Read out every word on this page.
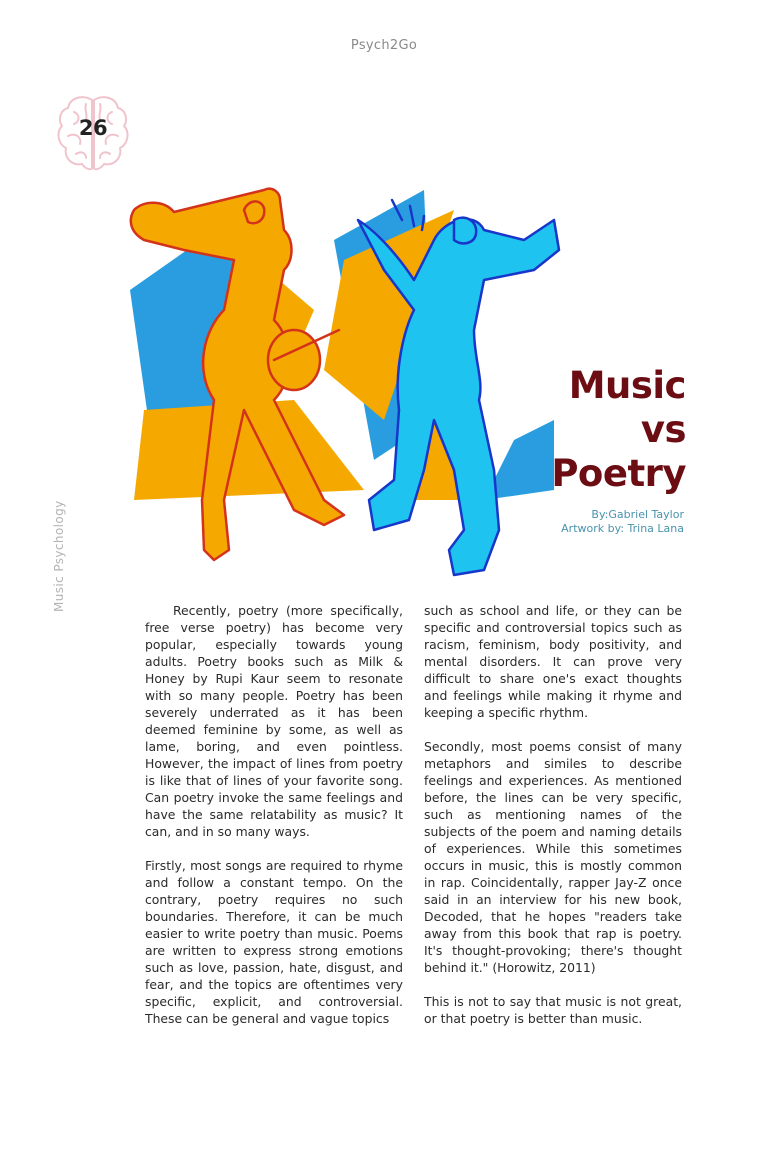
Psych2Go
26
Music Psychology
Music
vs
Poetry
By:Gabriel Taylor
Artwork by: Trina Lana

Recently, poetry (more specifically, free verse poetry) has become very popular, especially towards young adults. Poetry books such as Milk & Honey by Rupi Kaur seem to resonate with so many people. Poetry has been severely underrated as it has been deemed feminine by some, as well as lame, boring, and even pointless. However, the impact of lines from poetry is like that of lines of your favorite song. Can poetry invoke the same feelings and have the same relatability as music? It can, and in so many ways.

Firstly, most songs are required to rhyme and follow a constant tempo. On the contrary, poetry requires no such boundaries. Therefore, it can be much easier to write poetry than music. Poems are written to express strong emotions such as love, passion, hate, disgust, and fear, and the topics are oftentimes very specific, explicit, and controversial. These can be general and vague topics

such as school and life, or they can be specific and controversial topics such as racism, feminism, body positivity, and mental disorders. It can prove very difficult to share one's exact thoughts and feelings while making it rhyme and keeping a specific rhythm.

Secondly, most poems consist of many metaphors and similes to describe feelings and experiences. As mentioned before, the lines can be very specific, such as mentioning names of the subjects of the poem and naming details of experiences. While this sometimes occurs in music, this is mostly common in rap. Coincidentally, rapper Jay-Z once said in an interview for his new book, Decoded, that he hopes "readers take away from this book that rap is poetry. It's thought-provoking; there's thought behind it." (Horowitz, 2011)

This is not to say that music is not great, or that poetry is better than music.
